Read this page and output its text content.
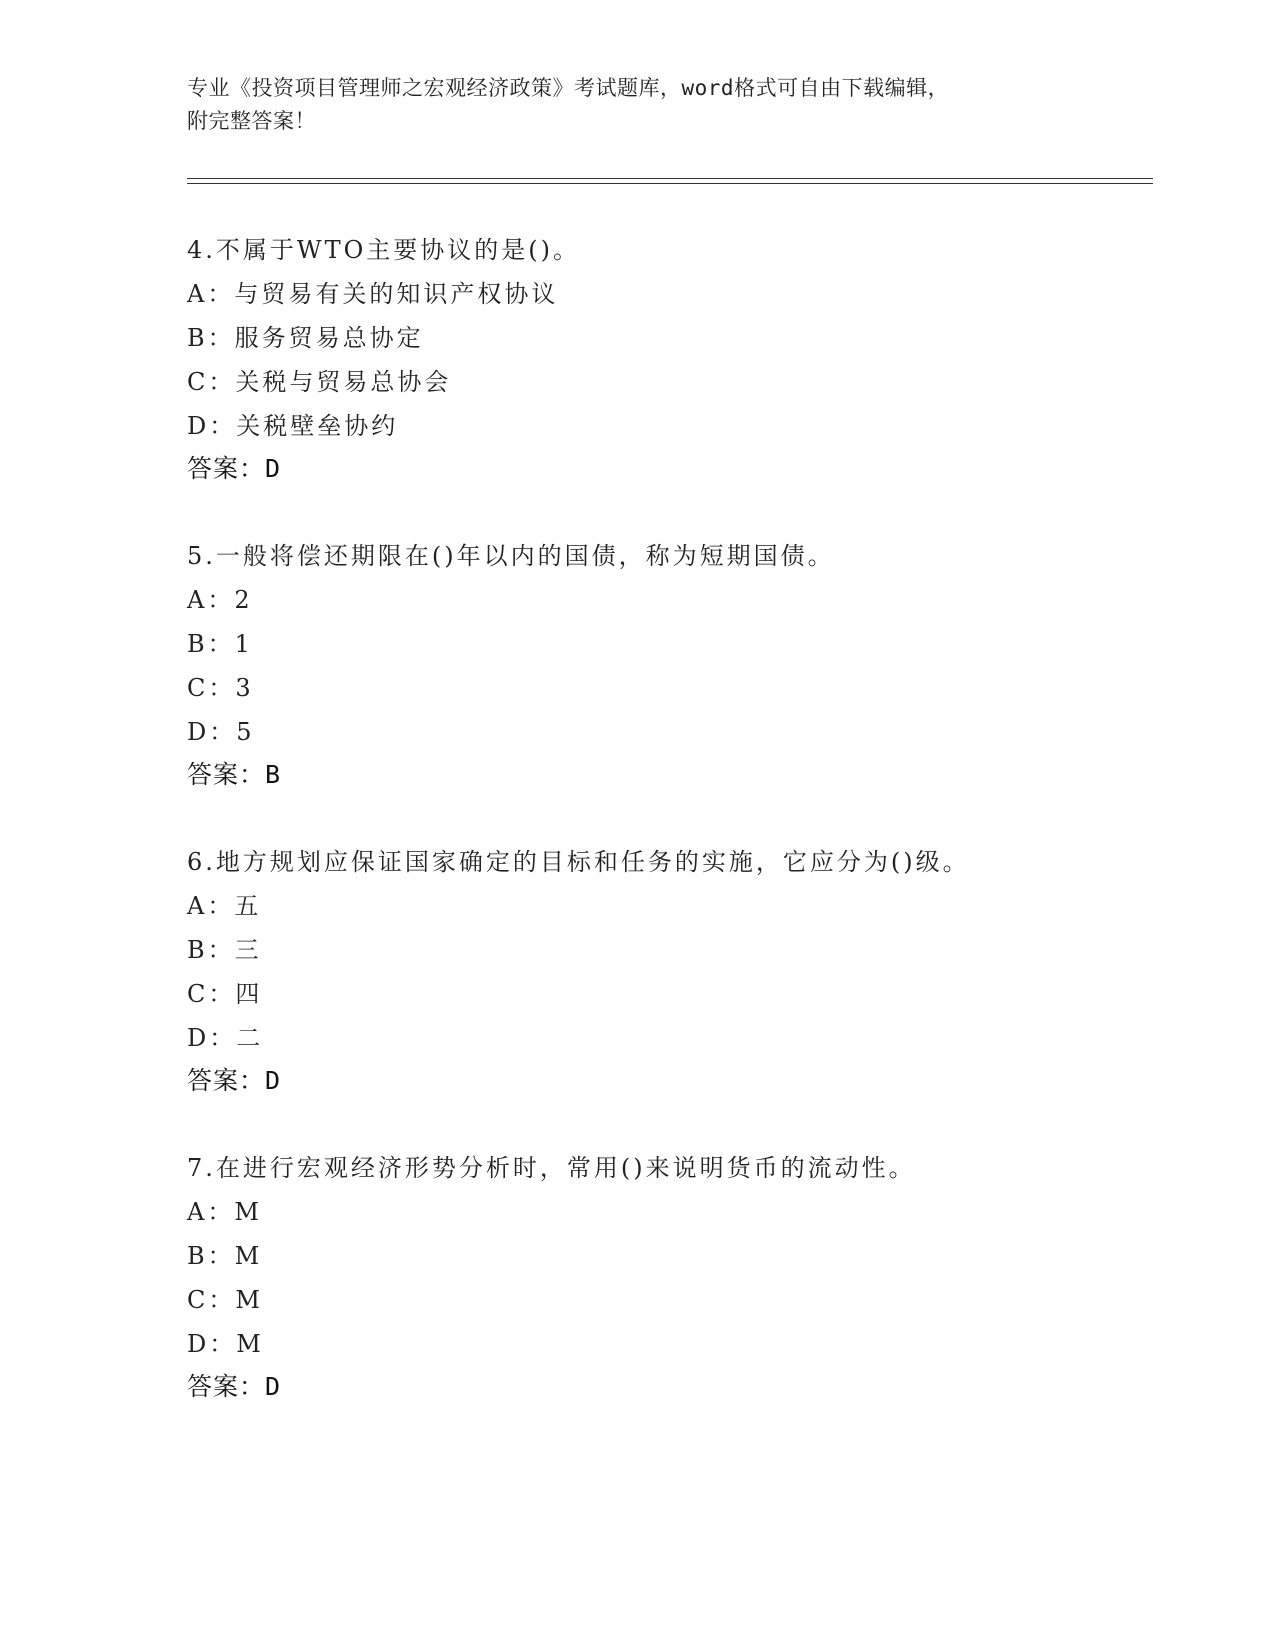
专业《投资项目管理师之宏观经济政策》考试题库，word格式可自由下载编辑，
附完整答案！
4.不属于WTO主要协议的是()。
A：与贸易有关的知识产权协议
B：服务贸易总协定
C：关税与贸易总协会
D：关税壁垒协约
答案：D
5.一般将偿还期限在()年以内的国债，称为短期国债。
A：2
B：1
C：3
D：5
答案：B
6.地方规划应保证国家确定的目标和任务的实施，它应分为()级。
A：五
B：三
C：四
D：二
答案：D
7.在进行宏观经济形势分析时，常用()来说明货币的流动性。
A：M
B：M
C：M
D：M
答案：D
